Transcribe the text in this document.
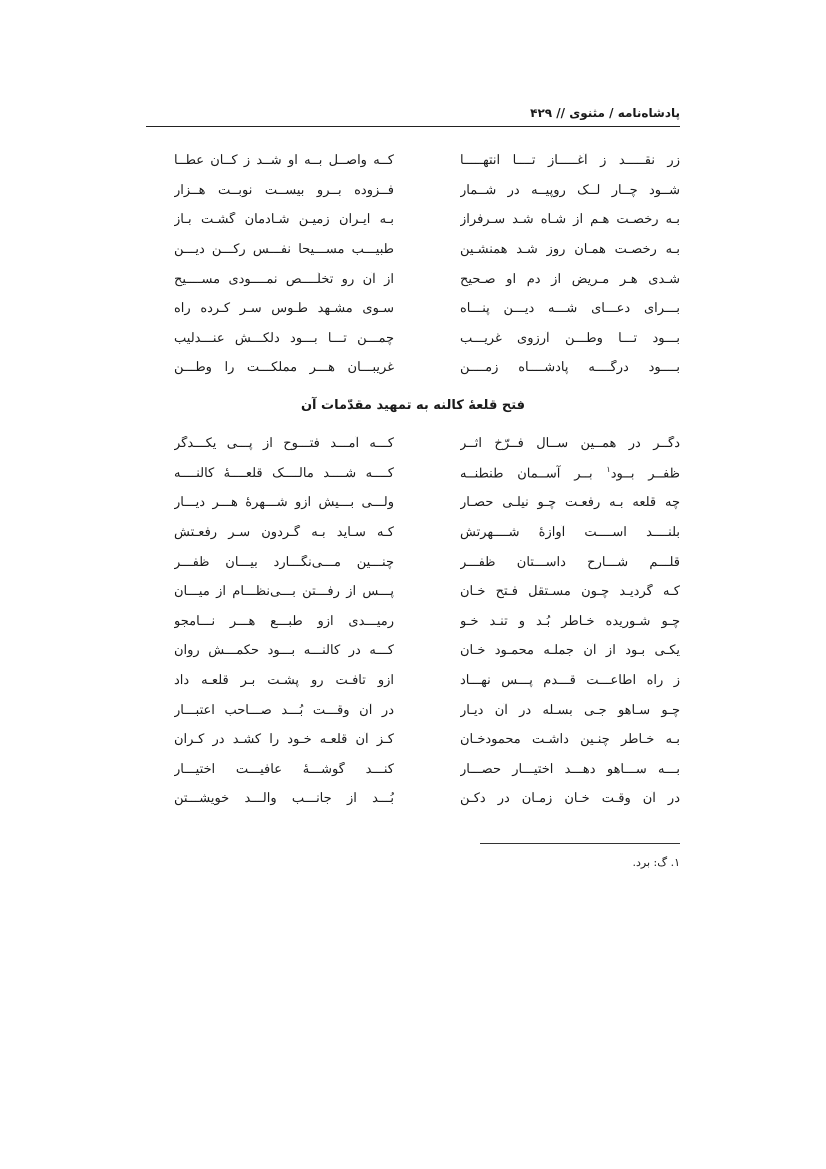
پادشاه‌نامه / مثنوی // ۴۲۹
زر نقـــــد ز آغـــــاز تــــا انتهـــــا
کــه واصــل بــه او شــد ز کــان عطــا
شــود چــار لــک روپیــه در شــمار
فــزوده بــرو بیســت نوبــت هــزار
بـه رخصـت هـم از شـاه شـد سـرفراز
بـه ایـران زمیـن شـادمان گشـت بـاز
بـه رخصـت همـان روز شـد همنشـین
طبیـــب مســـیحا نفـــس رکـــن دیـــن
شـدی هـر مـریض از دم او صـحیح
از آن رو تخلّــــص نمــــودی مســــیح
بـــرای دعـــای شـــه دیـــن پنـــاه
سـوی مشـهد طـوس سـر کـرده راه
بـــود تـــا وطـــن آرزوی غریـــب
چمـــن تـــا بـــود دلکـــش عنـــدلیب
بــــود درگــــه پادشــــاه زمــــن
غریبـــان هـــر مملکـــت را وطـــن
فتح قلعهٔ کالنه به تمهید مقدّمات آن
دگــر در همــین ســال فــرّخ اثــر
کـــه آمـــد فتـــوح از پـــی یکـــدگر
ظفــر بــود$^۱$ بــر آســمان طنطنــه
کــــه شــــد مالــــک قلعــــهٔ کالنــــه
چه قلعه بـه رفعـت چـو نیلـی حصـار
ولـــی بـــیش ازو شـــهرهٔ هـــر دیـــار
بلنــــد اســــت آوازهٔ شــــهرتش
کـه سـاید بـه گـردون سـر رفعـتش
قلـــم شـــارح داســـتان ظفـــر
چنـــین مـــی‌نگـــارد بیـــان ظفـــر
کـه گردیـد چـون مسـتقل فـتح خـان
پـــس از رفـــتن بـــی‌نظـــام از میـــان
چـو شـوریده خـاطر بُـد و تنـد خـو
رمیـــدی ازو طبـــع هـــر نـــامجو
یکـی بـود از آن جملـه محمـود خـان
کـــه در کالنـــه بـــود حکمـــش روان
ز راه اطاعـــت قـــدم پـــس نهـــاد
ازو تافـت رو پشـت بـر قلعـه داد
چـو سـاهو جـی بسـله در آن دیـار
در آن وقـــت بُـــد صـــاحب اعتبـــار
بـه خـاطر چنـین داشـت محمودخـان
کـز آن قلعـه خـود را کشـد در کـران
بـــه ســـاهو دهـــد اختیـــار حصـــار
کنـــد گوشـــهٔ عافیـــت اختیـــار
در آن وقـت خـان زمـان در دکـن
بُـــد از جانـــب والـــد خویشـــتن
۱. گ: برد.
